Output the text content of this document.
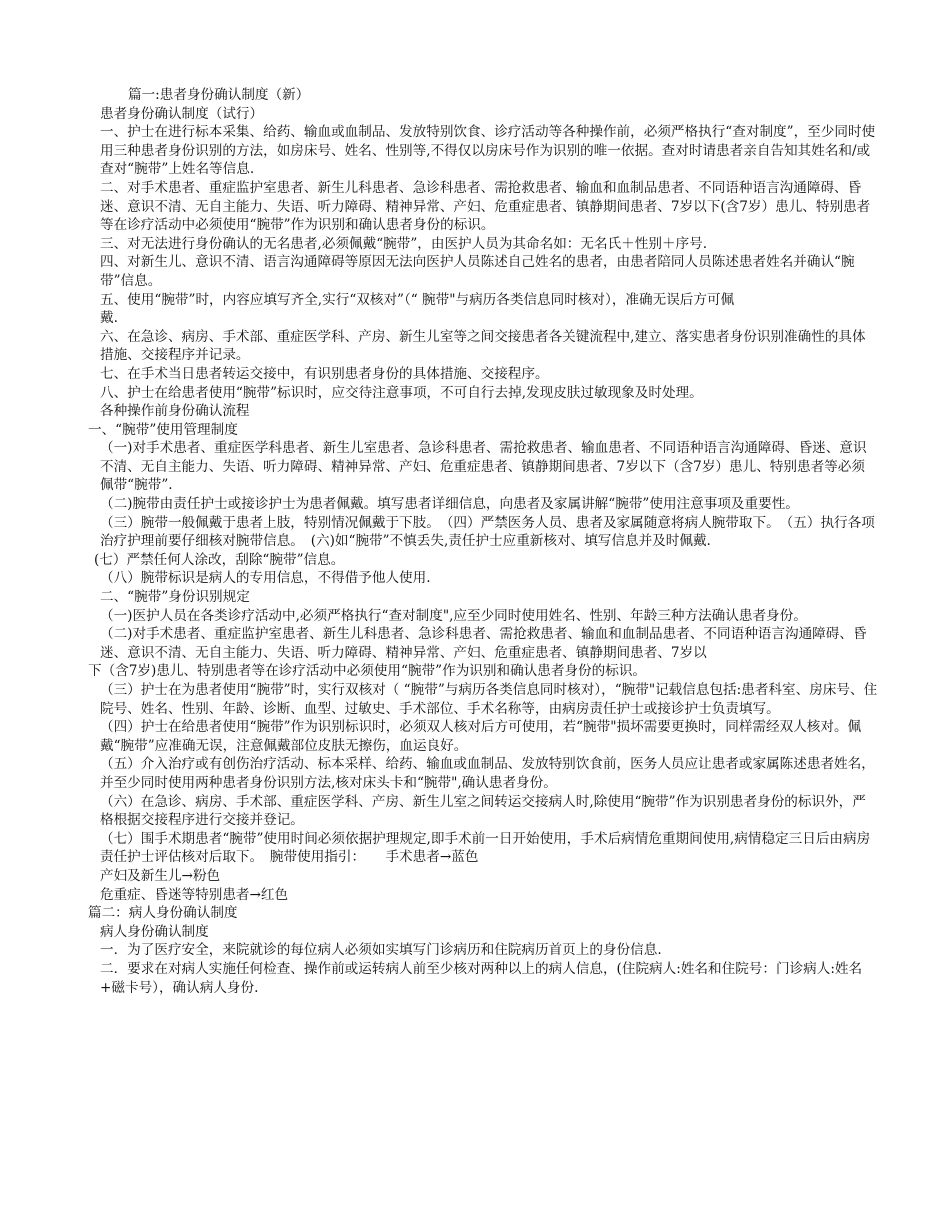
篇一:患者身份确认制度（新）

患者身份确认制度（试行）

一、护士在进行标本采集、给药、输血或血制品、发放特别饮食、诊疗活动等各种操作前，必须严格执行“查对制度”，至少同时使用三种患者身份识别的方法，如房床号、姓名、性别等,不得仅以房床号作为识别的唯一依据。查对时请患者亲自告知其姓名和/或查对“腕带”上姓名等信息.

二、对手术患者、重症监护室患者、新生儿科患者、急诊科患者、需抢救患者、输血和血制品患者、不同语种语言沟通障碍、昏迷、意识不清、无自主能力、失语、听力障碍、精神异常、产妇、危重症患者、镇静期间患者、7岁以下(含7岁）患儿、特别患者等在诊疗活动中必须使用“腕带”作为识别和确认患者身份的标识。

三、对无法进行身份确认的无名患者,必须佩戴“腕带”，由医护人员为其命名如：无名氏＋性别＋序号.

四、对新生儿、意识不清、语言沟通障碍等原因无法向医护人员陈述自己姓名的患者，由患者陪同人员陈述患者姓名并确认“腕带”信息。

五、使用“腕带”时，内容应填写齐全,实行“双核对”（“ 腕带"与病历各类信息同时核对），准确无误后方可佩

戴.

六、在急诊、病房、手术部、重症医学科、产房、新生儿室等之间交接患者各关键流程中,建立、落实患者身份识别准确性的具体措施、交接程序并记录。

七、在手术当日患者转运交接中，有识别患者身份的具体措施、交接程序。

八、护士在给患者使用“腕带”标识时，应交待注意事项，不可自行去掉,发现皮肤过敏现象及时处理。

各种操作前身份确认流程

一、“腕带”使用管理制度

（一)对手术患者、重症医学科患者、新生儿室患者、急诊科患者、需抢救患者、输血患者、不同语种语言沟通障碍、昏迷、意识不清、无自主能力、失语、听力障碍、精神异常、产妇、危重症患者、镇静期间患者、7岁以下（含7岁）患儿、特别患者等必须佩带“腕带”.

（二)腕带由责任护士或接诊护士为患者佩戴。填写患者详细信息，向患者及家属讲解“腕带”使用注意事项及重要性。

（三）腕带一般佩戴于患者上肢，特别情况佩戴于下肢。　（四）严禁医务人员、患者及家属随意将病人腕带取下。　（五）执行各项治疗护理前要仔细核对腕带信息。　(六)如“腕带”不慎丢失,责任护士应重新核对、填写信息并及时佩戴.

(七）严禁任何人涂改，刮除“腕带”信息。

（八）腕带标识是病人的专用信息，不得借予他人使用.

二、“腕带”身份识别规定

（一)医护人员在各类诊疗活动中,必须严格执行“查对制度",应至少同时使用姓名、性别、年龄三种方法确认患者身份。

（二)对手术患者、重症监护室患者、新生儿科患者、急诊科患者、需抢救患者、输血和血制品患者、不同语种语言沟通障碍、昏迷、意识不清、无自主能力、失语、听力障碍、精神异常、产妇、危重症患者、镇静期间患者、7岁以

下（含7岁)患儿、特别患者等在诊疗活动中必须使用“腕带”作为识别和确认患者身份的标识。

（三）护士在为患者使用“腕带”时，实行双核对（ “腕带”与病历各类信息同时核对），“腕带"记载信息包括:患者科室、房床号、住院号、姓名、性别、年龄、诊断、血型、过敏史、手术部位、手术名称等，由病房责任护士或接诊护士负责填写。

（四）护士在给患者使用“腕带”作为识别标识时，必须双人核对后方可使用，若“腕带"损坏需要更换时，同样需经双人核对。佩戴“腕带”应准确无误，注意佩戴部位皮肤无擦伤，血运良好。

（五）介入治疗或有创伤治疗活动、标本采样、给药、输血或血制品、发放特别饮食前，医务人员应让患者或家属陈述患者姓名，并至少同时使用两种患者身份识别方法,核对床头卡和“腕带",确认患者身份。

（六）在急诊、病房、手术部、重症医学科、产房、新生儿室之间转运交接病人时,除使用“腕带”作为识别患者身份的标识外，严格根据交接程序进行交接并登记。

（七）围手术期患者“腕带”使用时间必须依据护理规定,即手术前一日开始使用，手术后病情危重期间使用,病情稳定三日后由病房责任护士评估核对后取下。　腕带使用指引：　　手术患者→蓝色

产妇及新生儿→粉色

危重症、昏迷等特别患者→红色

篇二：病人身份确认制度

病人身份确认制度

一．为了医疗安全，来院就诊的每位病人必须如实填写门诊病历和住院病历首页上的身份信息.

二．要求在对病人实施任何检查、操作前或运转病人前至少核对两种以上的病人信息，(住院病人:姓名和住院号：门诊病人:姓名+磁卡号），确认病人身份.
